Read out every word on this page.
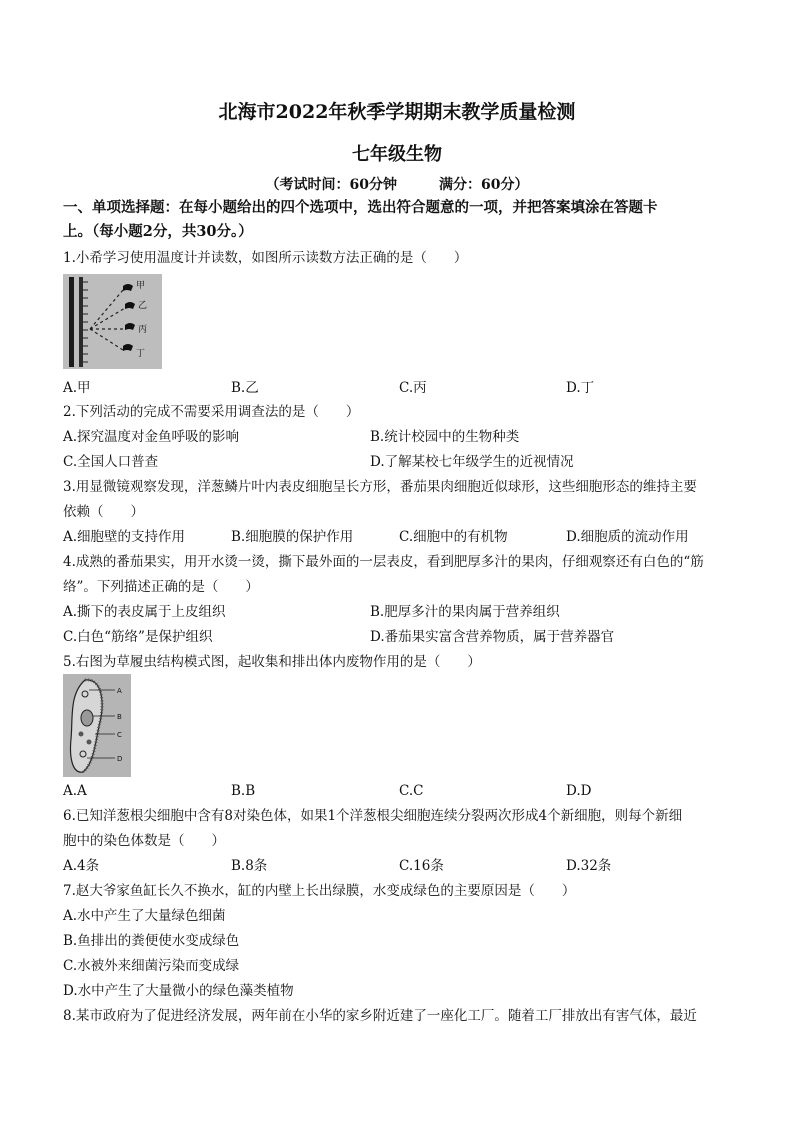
北海市2022年秋季学期期末教学质量检测
七年级生物
（考试时间：60分钟　　　满分：60分）
一、单项选择题：在每小题给出的四个选项中，选出符合题意的一项，并把答案填涂在答题卡
上。（每小题2分，共30分。）
1.小希学习使用温度计并读数，如图所示读数方法正确的是（　　）
甲
乙
丙
丁
A.甲	B.乙	C.丙	D.丁
2.下列活动的完成不需要采用调查法的是（　　）
A.探究温度对金鱼呼吸的影响	B.统计校园中的生物种类
C.全国人口普查	D.了解某校七年级学生的近视情况
3.用显微镜观察发现，洋葱鳞片叶内表皮细胞呈长方形，番茄果肉细胞近似球形，这些细胞形态的维持主要
依赖（　　）
A.细胞壁的支持作用	B.细胞膜的保护作用	C.细胞中的有机物	D.细胞质的流动作用
4.成熟的番茄果实，用开水烫一烫，撕下最外面的一层表皮，看到肥厚多汁的果肉，仔细观察还有白色的“筋
络”。下列描述正确的是（　　）
A.撕下的表皮属于上皮组织	B.肥厚多汁的果肉属于营养组织
C.白色“筋络”是保护组织	D.番茄果实富含营养物质，属于营养器官
5.右图为草履虫结构模式图，起收集和排出体内废物作用的是（　　）
A
B
C
D
A.A	B.B	C.C	D.D
6.已知洋葱根尖细胞中含有8对染色体，如果1个洋葱根尖细胞连续分裂两次形成4个新细胞，则每个新细
胞中的染色体数是（　　）
A.4条	B.8条	C.16条	D.32条
7.赵大爷家鱼缸长久不换水，缸的内壁上长出绿膜，水变成绿色的主要原因是（　　）
A.水中产生了大量绿色细菌
B.鱼排出的粪便使水变成绿色
C.水被外来细菌污染而变成绿
D.水中产生了大量微小的绿色藻类植物
8.某市政府为了促进经济发展，两年前在小华的家乡附近建了一座化工厂。随着工厂排放出有害气体，最近
